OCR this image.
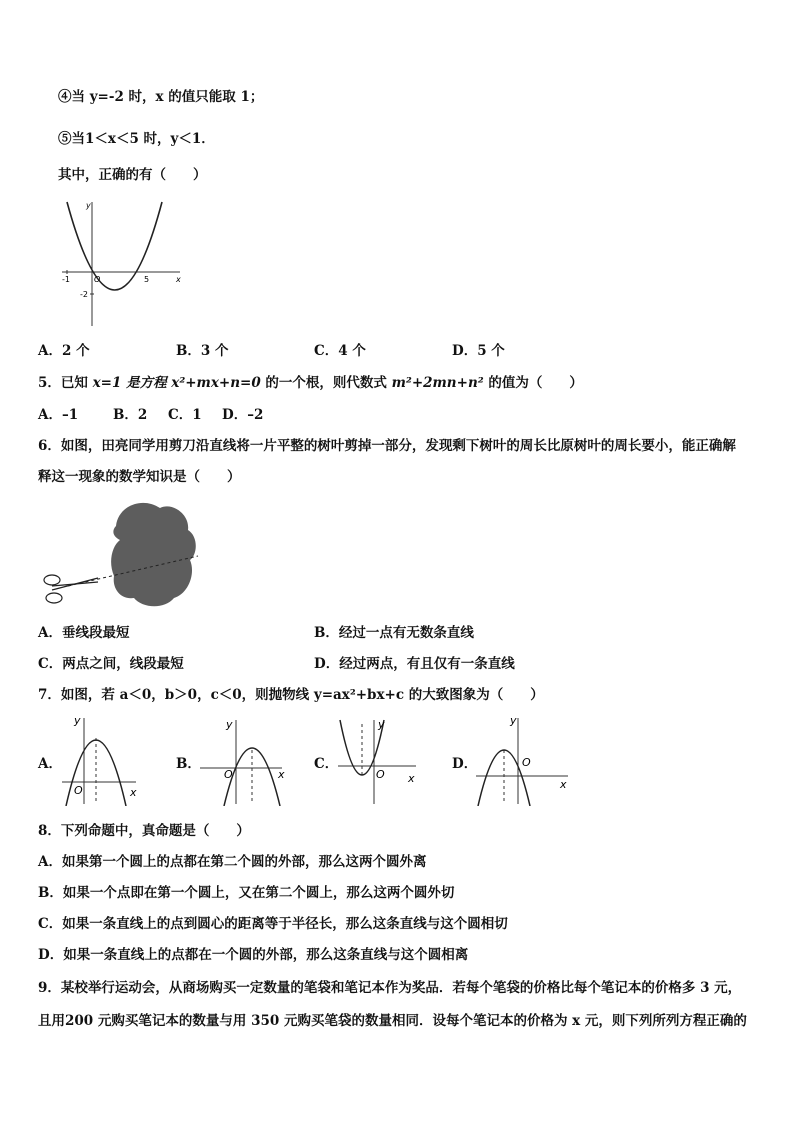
④当 y=-2 时，x 的值只能取 1；
⑤当1＜x＜5 时，y＜1．
其中，正确的有（　　）
y
x
O
-1
-2
5
A．2 个	B．3 个	C．4 个	D．5 个
5．已知 x=1 是方程 x²+mx+n=0 的一个根，则代数式 m²+2mn+n² 的值为（　　）
A．–1	B．2 C．1 D．–2
6．如图，田亮同学用剪刀沿直线将一片平整的树叶剪掉一部分，发现剩下树叶的周长比原树叶的周长要小，能正确解
释这一现象的数学知识是（　　）
A．垂线段最短	B．经过一点有无数条直线
C．两点之间，线段最短	D．经过两点，有且仅有一条直线
7．如图，若 a＜0，b＞0，c＜0，则抛物线 y=ax²+bx+c 的大致图象为（　　）
A．
y
x
O
B．
y
x
O
C．
y
x
O
D．
y
x
O
8．下列命题中，真命题是（　　）
A．如果第一个圆上的点都在第二个圆的外部，那么这两个圆外离
B．如果一个点即在第一个圆上，又在第二个圆上，那么这两个圆外切
C．如果一条直线上的点到圆心的距离等于半径长，那么这条直线与这个圆相切
D．如果一条直线上的点都在一个圆的外部，那么这条直线与这个圆相离
9．某校举行运动会，从商场购买一定数量的笔袋和笔记本作为奖品．若每个笔袋的价格比每个笔记本的价格多 3 元，
且用200 元购买笔记本的数量与用 350 元购买笔袋的数量相同．设每个笔记本的价格为 x 元，则下列所列方程正确的
